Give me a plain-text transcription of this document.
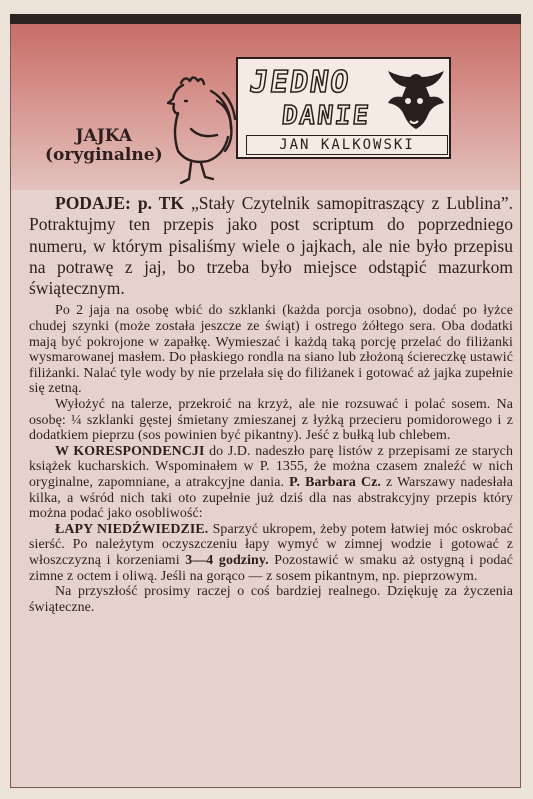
JAJKA
(oryginalne)
JEDNO
DANIE
JAN KALKOWSKI

PODAJE: p. TK „Stały Czytelnik samopitraszący z Lublina”. Potraktujmy ten przepis jako post scriptum do poprzedniego numeru, w którym pisaliśmy wiele o jajkach, ale nie było przepisu na potrawę z jaj, bo trzeba było miejsce odstąpić mazurkom świątecznym.

Po 2 jaja na osobę wbić do szklanki (każda porcja osobno), dodać po łyżce chudej szynki (może została jeszcze ze świąt) i ostrego żółtego sera. Oba dodatki mają być pokrojone w zapałkę. Wymieszać i każdą taką porcję przelać do filiżanki wysmarowanej masłem. Do płaskiego rondla na siano lub złożoną ściereczkę ustawić filiżanki. Nalać tyle wody by nie przelała się do filiżanek i gotować aż jajka zupełnie się zetną.

Wyłożyć na talerze, przekroić na krzyż, ale nie rozsuwać i polać sosem. Na osobę: ¼ szklanki gęstej śmietany zmieszanej z łyżką przecieru pomidorowego i z dodatkiem pieprzu (sos powinien być pikantny). Jeść z bułką lub chlebem.

W KORESPONDENCJI do J.D. nadeszło parę listów z przepisami ze starych książek kucharskich. Wspominałem w P. 1355, że można czasem znaleźć w nich oryginalne, zapomniane, a atrakcyjne dania. P. Barbara Cz. z Warszawy nadesłała kilka, a wśród nich taki oto zupełnie już dziś dla nas abstrakcyjny przepis który można podać jako osobliwość:

ŁAPY NIEDŹWIEDZIE. Sparzyć ukropem, żeby potem łatwiej móc oskrobać sierść. Po należytym oczyszczeniu łapy wymyć w zimnej wodzie i gotować z włoszczyzną i korzeniami 3—4 godziny. Pozostawić w smaku aż ostygną i podać zimne z octem i oliwą. Jeśli na gorąco — z sosem pikantnym, np. pieprzowym.

Na przyszłość prosimy raczej o coś bardziej realnego. Dziękuję za życzenia świąteczne.
